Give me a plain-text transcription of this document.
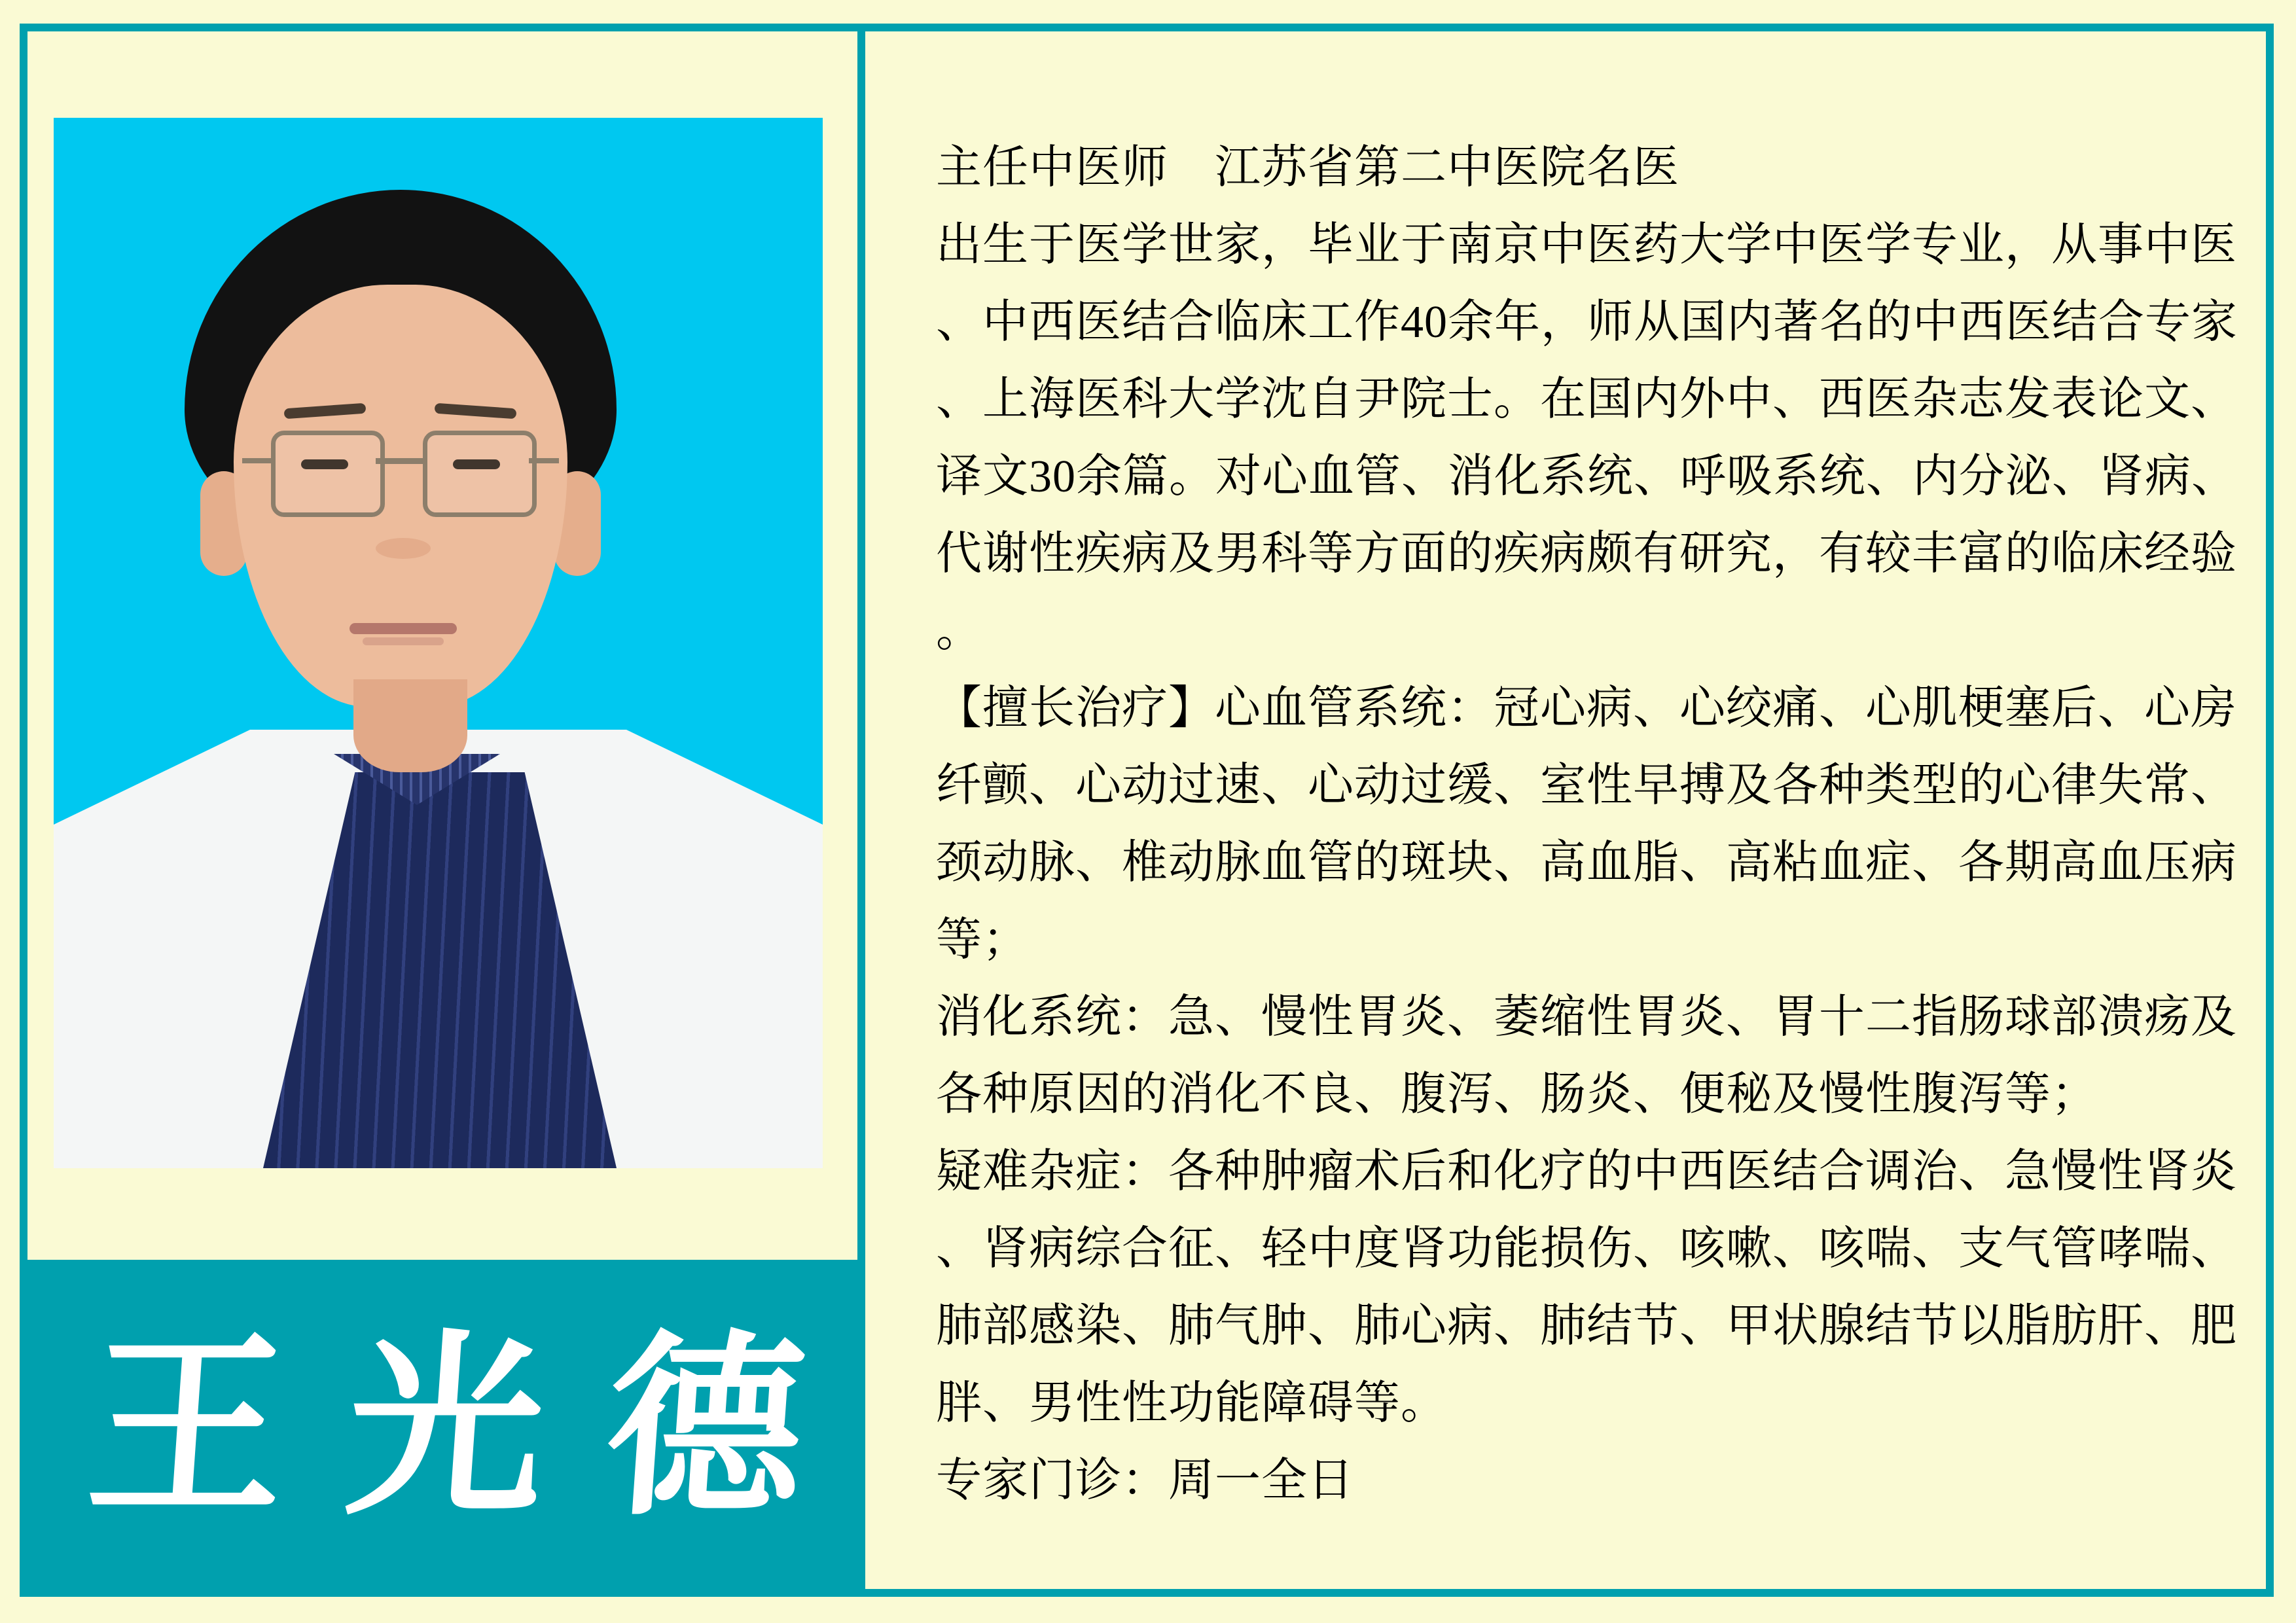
王 光 德
主任中医师　江苏省第二中医院名医
出生于医学世家，毕业于南京中医药大学中医学专业，从事中医
、中西医结合临床工作40余年，师从国内著名的中西医结合专家
、上海医科大学沈自尹院士。在国内外中、西医杂志发表论文、
译文30余篇。对心血管、消化系统、呼吸系统、内分泌、肾病、
代谢性疾病及男科等方面的疾病颇有研究，有较丰富的临床经验
。
【擅长治疗】心血管系统：冠心病、心绞痛、心肌梗塞后、心房
纤颤、心动过速、心动过缓、室性早搏及各种类型的心律失常、
颈动脉、椎动脉血管的斑块、高血脂、高粘血症、各期高血压病
等；
消化系统：急、慢性胃炎、萎缩性胃炎、胃十二指肠球部溃疡及
各种原因的消化不良、腹泻、肠炎、便秘及慢性腹泻等；
疑难杂症：各种肿瘤术后和化疗的中西医结合调治、急慢性肾炎
、肾病综合征、轻中度肾功能损伤、咳嗽、咳喘、支气管哮喘、
肺部感染、肺气肿、肺心病、肺结节、甲状腺结节以脂肪肝、肥
胖、男性性功能障碍等。
专家门诊：周一全日
